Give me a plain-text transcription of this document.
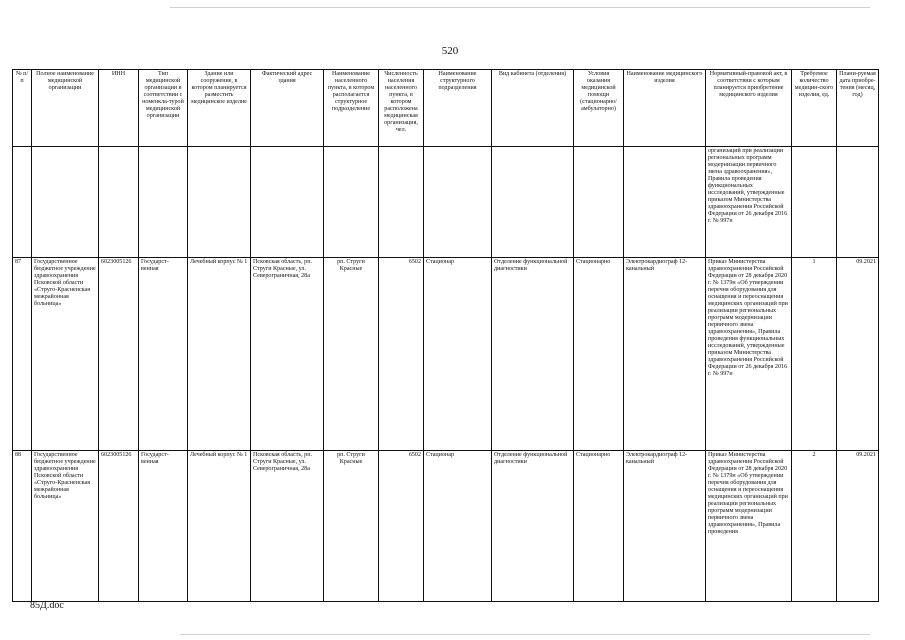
520
№ п/п	Полное наименование медицинской организации	ИНН	Тип медицинской организации в соответствии с номенкла-турой медицинской организации	Здание или сооружение, в котором планируется разместить медицинское изделие	Фактический адрес здания	Наименование населенного пункта, в котором располагается структурное подразделение	Численность населения населенного пункта, в котором расположена медицинская организация, чел.	Наименование структурного подразделения	Вид кабинета (отделения)	Условия оказания медицинской помощи (стационарно/ амбулаторно)	Наименование медицинского изделия	Нормативный-правовой акт, в соответствии с которым планируется приобретение медицинского изделия	Требуемое количество медицин-ского изделия, ед.	Плани-руемая дата приобре-тения (месяц, год)
												организаций при реализации региональных программ модернизации первичного звена здравоохранения», Правила проведения функциональных исследований, утвержденные приказом Министерства здравоохранения Российской Федерации от 26 декабря 2016 г. № 997н		
87	Государственное бюджетное учреждение здравоохранения Псковской области «Струго-Красненская межрайонная больница»	6023005126	Государст-венная	Лечебный корпус № 1	Псковская область, рп. Струги Красные, ул. Северограничная, 28а	рп. Струги Красные	6502	Стационар	Отделение функциональной диагностики	Стационарно	Электрокардиограф 12-канальный	Приказ Министерства здравоохранения Российской Федерации от 28 декабря 2020 г. № 1379н «Об утверждении перечня оборудования для оснащения и переоснащения медицинских организаций при реализации региональных программ модернизации первичного звена здравоохранения», Правила проведения функциональных исследований, утвержденные приказом Министерства здравоохранения Российской Федерации от 26 декабря 2016 г. № 997н	1	09.2021
88	Государственное бюджетное учреждение здравоохранения Псковской области «Струго-Красненская межрайонная больница»	6023005126	Государст-венная	Лечебный корпус № 1	Псковская область, рп. Струги Красные, ул. Северограничная, 28а	рп. Струги Красные	6502	Стационар	Отделение функциональной диагностики	Стационарно	Электрокардиограф 12-канальный	Приказ Министерства здравоохранения Российской Федерации от 28 декабря 2020 г. № 1379н «Об утверждении перечня оборудования для оснащения и переоснащения медицинских организаций при реализации региональных программ модернизации первичного звена здравоохранения», Правила проведения	2	09.2021
85Д.doc
